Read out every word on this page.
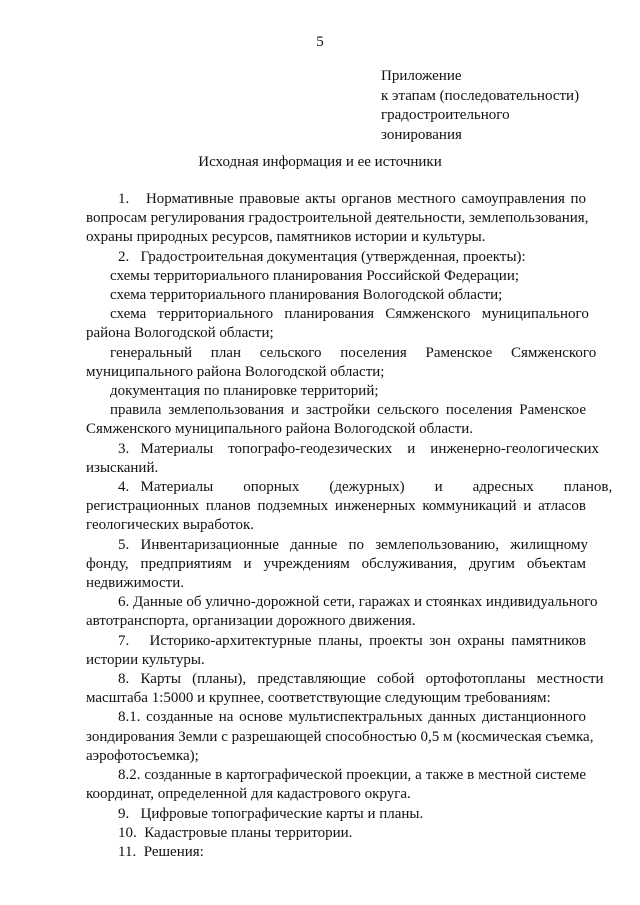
5
Приложение
к этапам (последовательности)
градостроительного
зонирования
Исходная информация и ее источники
1.   Нормативные правовые акты органов местного самоуправления по
вопросам регулирования градостроительной деятельности, землепользования,
охраны природных ресурсов, памятников истории и культуры.
2.   Градостроительная документация (утвержденная, проекты):
схемы территориального планирования Российской Федерации;
схема территориального планирования Вологодской области;
схема   территориального   планирования   Сямженского   муниципального
района Вологодской области;
генеральный     план     сельского     поселения     Раменское     Сямженского
муниципального района Вологодской области;
документация по планировке территорий;
правила землепользования и застройки сельского поселения Раменское
Сямженского муниципального района Вологодской области.
3.   Материалы    топографо-геодезических    и    инженерно-геологических
изысканий.
4.   Материалы        опорных        (дежурных)        и        адресных        планов,
регистрационных планов подземных инженерных коммуникаций и атласов
геологических выработок.
5.   Инвентаризационные   данные   по   землепользованию,   жилищному
фонду,   предприятиям   и   учреждениям   обслуживания,   другим   объектам
недвижимости.
6. Данные об улично-дорожной сети, гаражах и стоянках индивидуального
автотранспорта, организации дорожного движения.
7.   Историко-архитектурные планы, проекты зон охраны памятников
истории культуры.
8.   Карты   (планы),   представляющие   собой   ортофотопланы   местности
масштаба 1:5000 и крупнее, соответствующие следующим требованиям:
8.1. созданные на основе мультиспектральных данных дистанционного
зондирования Земли с разрешающей способностью 0,5 м (космическая съемка,
аэрофотосъемка);
8.2. созданные в картографической проекции, а также в местной системе
координат, определенной для кадастрового округа.
9.   Цифровые топографические карты и планы.
10.  Кадастровые планы территории.
11.  Решения:
